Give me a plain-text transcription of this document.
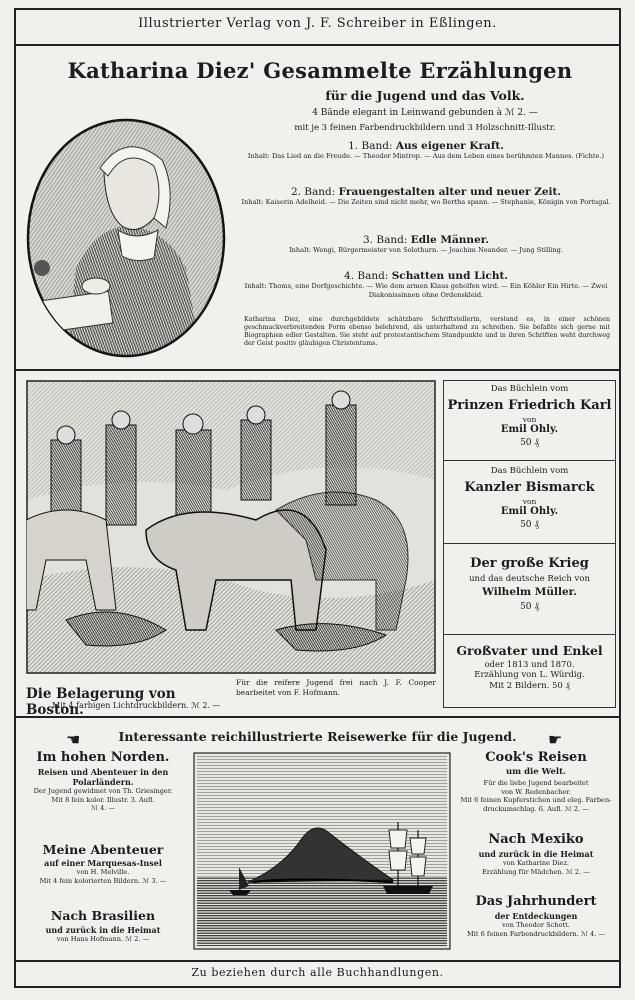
Illustrierter Verlag von J. F. Schreiber in Eßlingen.
Katharina Diez' Gesammelte Erzählungen
für die Jugend und das Volk.
4 Bände elegant in Leinwand gebunden à ℳ 2. —
mit je 3 feinen Farbendruckbildern und 3 Holzschnitt-Illustr.
1. Band: Aus eigener Kraft.
Inhalt: Das Lied an die Freude. — Theodor Mintrop. — Aus dem Leben eines berühmten Mannes. (Fichte.)
2. Band: Frauengestalten alter und neuer Zeit.
Inhalt: Kaiserin Adelheid. — Die Zeiten sind nicht mehr, wo Bertha spann. — Stephanie, Königin von Portugal.
3. Band: Edle Männer.
Inhalt: Wengi, Bürgermeister von Solothurn. — Joachim Neander. — Jung Stilling.
4. Band: Schatten und Licht.
Inhalt: Thoms, eine Dorfgeschichte. — Wie dem armen Klaus geholfen wird. — Ein Köhler Ein Hirte. — Zwei Diakonissinnen ohne Ordenskleid.
Katharina Diez, eine durchgebildete schätzbare Schriftstellerin, verstand es, in einer schönen geschmackverbreitenden Form ebenso belehrend, als unterhaltend zu schreiben. Sie befaßte sich gerne mit Biographien edler Gestalten. Sie steht auf protestantischem Standpunkte und in ihren Schriften weht durchweg der Geist positiv gläubigen Christentums.
Die Belagerung von Boston.
Für die reifere Jugend frei nach J. F. Cooper bearbeitet von F. Hofmann.
Mit 4 farbigen Lichtdruckbildern. ℳ 2. —
Das Büchlein vom
Prinzen Friedrich Karl
von
Emil Ohly.
50 ₰
Das Büchlein vom
Kanzler Bismarck
von
Emil Ohly.
50 ₰
Der große Krieg
und das deutsche Reich von
Wilhelm Müller.
50 ₰
Großvater und Enkel
oder 1813 und 1870.
Erzählung von L. Würdig.
Mit 2 Bildern. 50 ₰
☚	Interessante reichillustrierte Reisewerke für die Jugend.	☛
Im hohen Norden.
Reisen und Abenteuer in den
Polarländern.
Der Jugend gewidmet von Th. Griesinger.
Mit 8 fein kolor. Illustr. 3. Aufl.
ℳ 4. —
Meine Abenteuer
auf einer Marquesas-Insel
von H. Melville.
Mit 4 fein kolorierten Bildern. ℳ 3. —
Nach Brasilien
und zurück in die Heimat
von Hans Hofmann. ℳ 2. —
Cook's Reisen
um die Welt.
Für die liebe Jugend bearbeitet
von W. Redenbacher.
Mit 6 feinen Kupferstichen und eleg. Farben-druckumschlag. 6. Aufl. ℳ 2. —
Nach Mexiko
und zurück in die Heimat
von Katharine Diez.
Erzählung für Mädchen. ℳ 2. —
Das Jahrhundert
der Entdeckungen
von Theodor Schott.
Mit 6 feinen Farbendruckbildern. ℳ 4. —
Zu beziehen durch alle Buchhandlungen.
